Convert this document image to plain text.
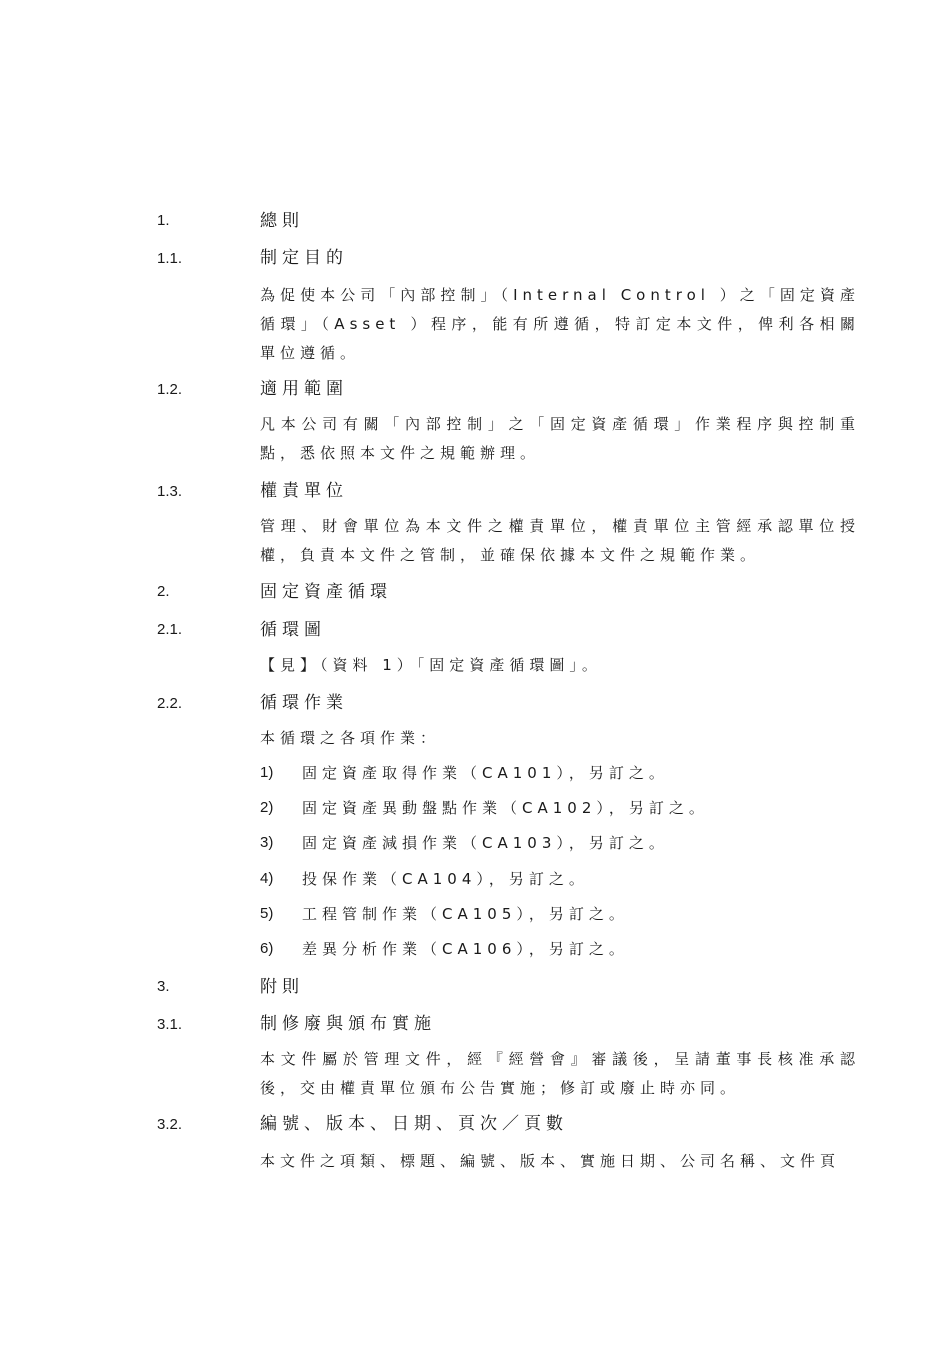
1.	總則
1.1.	制定目的
為促使本公司「內部控制」（Internal Control ）之「固定資產循環」（Asset ）程序，能有所遵循，特訂定本文件，俾利各相關單位遵循。
1.2.	適用範圍
凡本公司有關「內部控制」之「固定資產循環」作業程序與控制重點，悉依照本文件之規範辦理。
1.3.	權責單位
管理、財會單位為本文件之權責單位，權責單位主管經承認單位授權，負責本文件之管制，並確保依據本文件之規範作業。
2.	固定資產循環
2.1.	循環圖
【見】（資料 1）「固定資產循環圖」。
2.2.	循環作業
本循環之各項作業：
1) 固定資產取得作業（CA101），另訂之。
2) 固定資產異動盤點作業（CA102），另訂之。
3) 固定資產減損作業（CA103），另訂之。
4) 投保作業（CA104），另訂之。
5) 工程管制作業（CA105），另訂之。
6) 差異分析作業（CA106），另訂之。
3.	附則
3.1.	制修廢與頒布實施
本文件屬於管理文件，經『經營會』審議後，呈請董事長核准承認後，交由權責單位頒布公告實施；修訂或廢止時亦同。
3.2.	編號、版本、日期、頁次／頁數
本文件之項類、標題、編號、版本、實施日期、公司名稱、文件頁
